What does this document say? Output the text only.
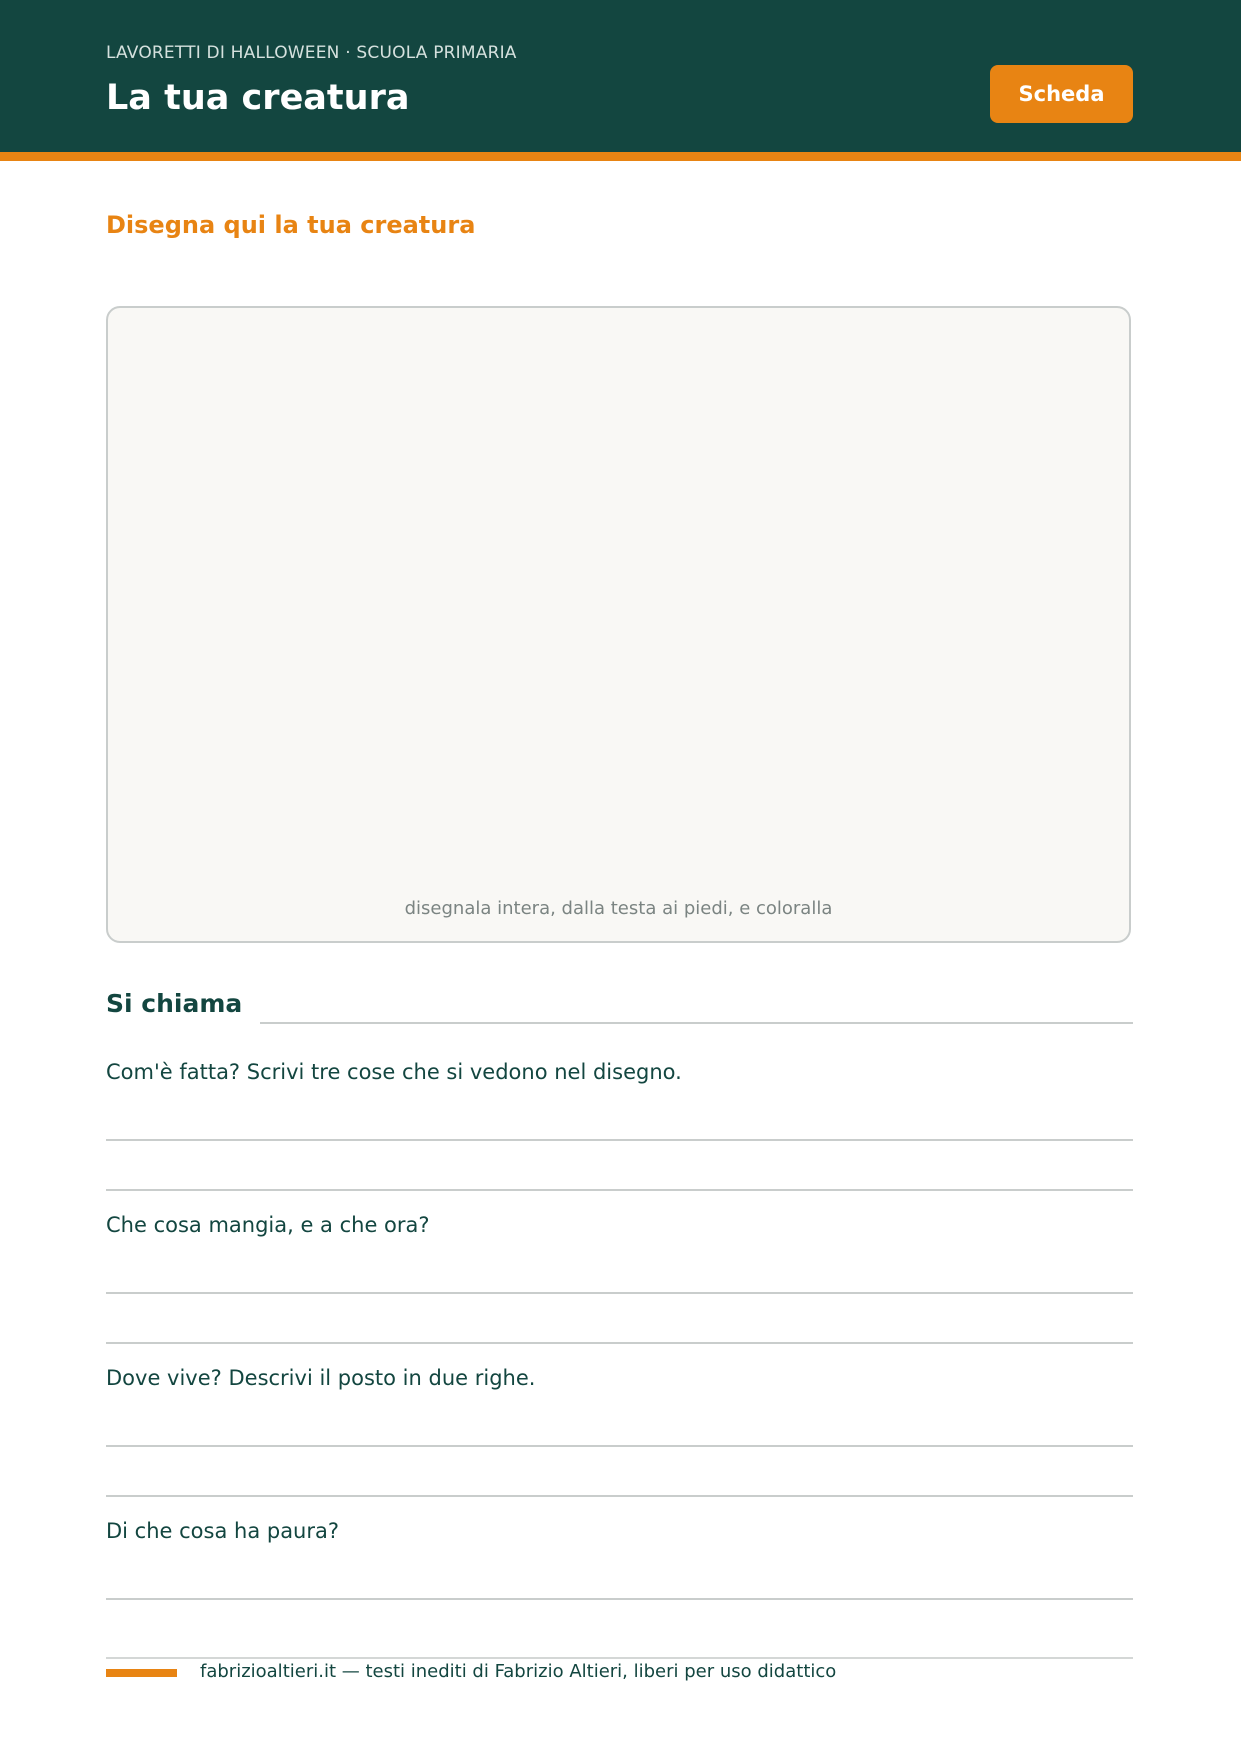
LAVORETTI DI HALLOWEEN · SCUOLA PRIMARIA
La tua creatura	Scheda
Disegna qui la tua creatura
disegnala intera, dalla testa ai piedi, e coloralla
Si chiama
Com'è fatta? Scrivi tre cose che si vedono nel disegno.
Che cosa mangia, e a che ora?
Dove vive? Descrivi il posto in due righe.
Di che cosa ha paura?
fabrizioaltieri.it — testi inediti di Fabrizio Altieri, liberi per uso didattico
